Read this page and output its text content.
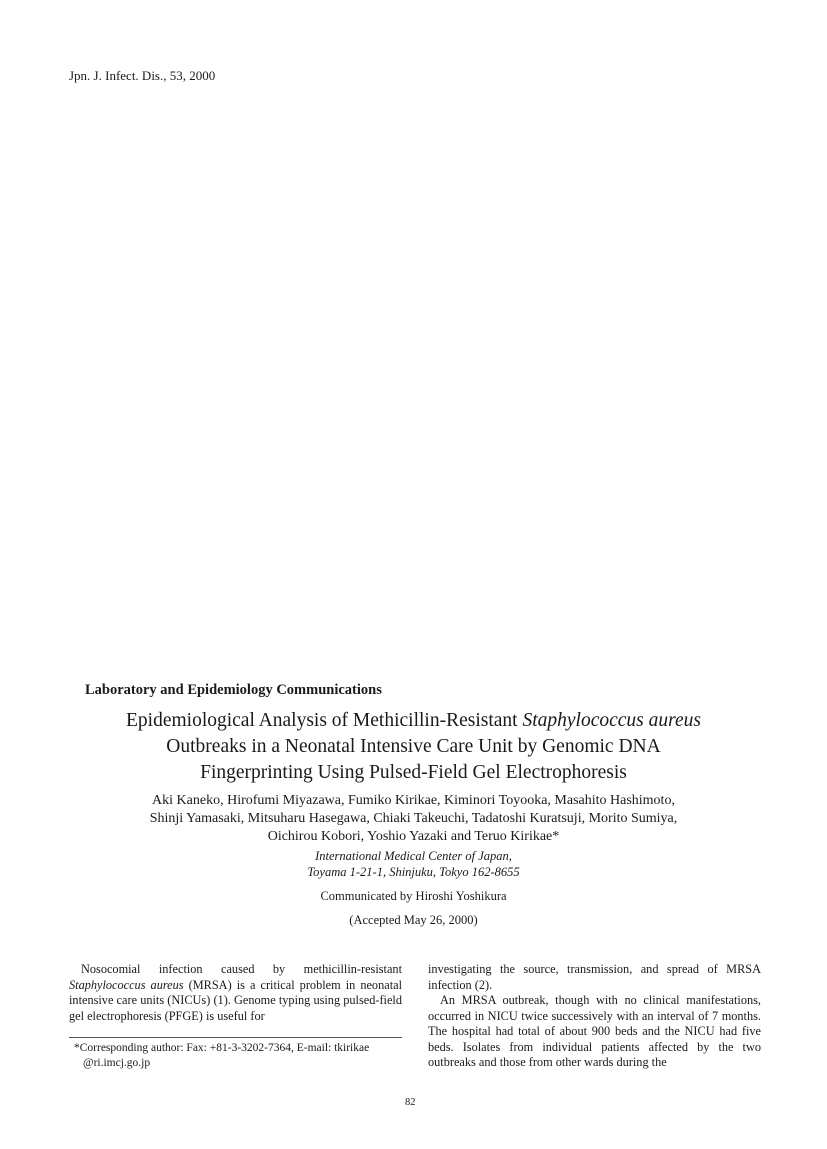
Jpn. J. Infect. Dis., 53, 2000
Laboratory and Epidemiology Communications
Epidemiological Analysis of Methicillin-Resistant Staphylococcus aureus
Outbreaks in a Neonatal Intensive Care Unit by Genomic DNA
Fingerprinting Using Pulsed-Field Gel Electrophoresis
Aki Kaneko, Hirofumi Miyazawa, Fumiko Kirikae, Kiminori Toyooka, Masahito Hashimoto,
Shinji Yamasaki, Mitsuharu Hasegawa, Chiaki Takeuchi, Tadatoshi Kuratsuji, Morito Sumiya,
Oichirou Kobori, Yoshio Yazaki and Teruo Kirikae*
International Medical Center of Japan,
Toyama 1-21-1, Shinjuku, Tokyo 162-8655
Communicated by Hiroshi Yoshikura
(Accepted May 26, 2000)

Nosocomial infection caused by methicillin-resistant Staphylococcus aureus (MRSA) is a critical problem in neonatal intensive care units (NICUs) (1). Genome typing using pulsed-field gel electrophoresis (PFGE) is useful for

*Corresponding author: Fax: +81-3-3202-7364, E-mail: tkirikae @ri.imcj.go.jp

investigating the source, transmission, and spread of MRSA infection (2).

An MRSA outbreak, though with no clinical manifestations, occurred in NICU twice successively with an interval of 7 months. The hospital had total of about 900 beds and the NICU had five beds. Isolates from individual patients affected by the two outbreaks and those from other wards during the

82
